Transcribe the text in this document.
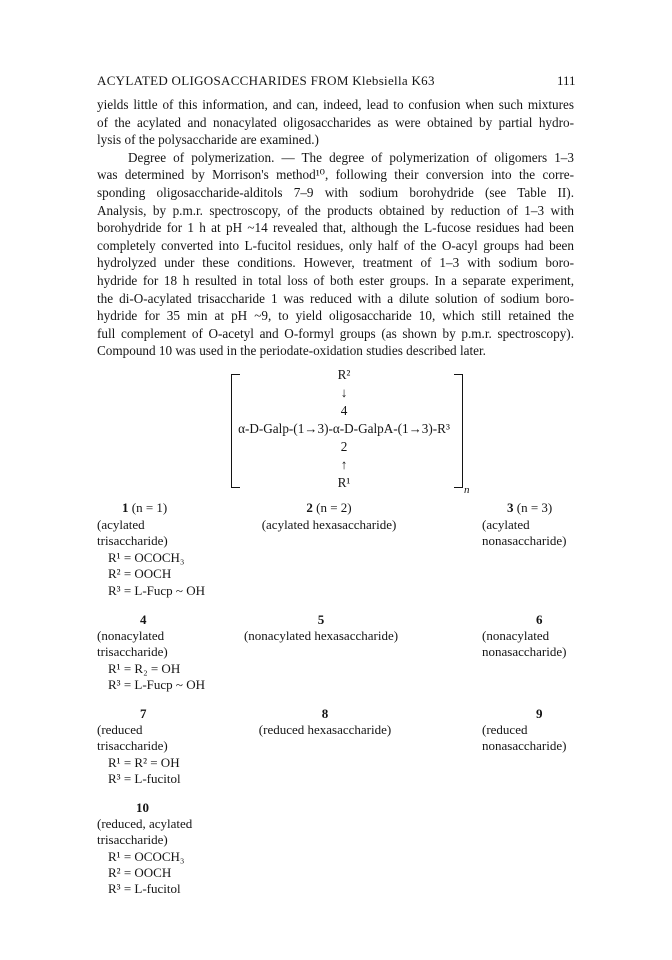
ACYLATED OLIGOSACCHARIDES FROM Klebsiella K63	111
yields little of this information, and can, indeed, lead to confusion when such mixtures
of the acylated and nonacylated oligosaccharides as were obtained by partial hydro-
lysis of the polysaccharide are examined.)
Degree of polymerization. — The degree of polymerization of oligomers 1–3
was determined by Morrison's method¹⁰, following their conversion into the corre-
sponding oligosaccharide-alditols 7–9 with sodium borohydride (see Table II).
Analysis, by p.m.r. spectroscopy, of the products obtained by reduction of 1–3 with
borohydride for 1 h at pH ~14 revealed that, although the L-fucose residues had been
completely converted into L-fucitol residues, only half of the O-acyl groups had been
hydrolyzed under these conditions. However, treatment of 1–3 with sodium boro-
hydride for 18 h resulted in total loss of both ester groups. In a separate experiment,
the di-O-acylated trisaccharide 1 was reduced with a dilute solution of sodium boro-
hydride for 35 min at pH ~9, to yield oligosaccharide 10, which still retained the
full complement of O-acetyl and O-formyl groups (as shown by p.m.r. spectroscopy).
Compound 10 was used in the periodate-oxidation studies described later.
R²
↓
4
α-D-Galp-(1→3)-α-D-GalpA-(1→3)-R³
2
↑
R¹	n
1 (n = 1)
(acylated
trisaccharide)
R¹ = OCOCH₃
R² = OOCH
R³ = L-Fucp ~ OH
2 (n = 2)
(acylated hexasaccharide)
3 (n = 3)
(acylated
nonasaccharide)
4
(nonacylated
trisaccharide)
R¹ = R₂ = OH
R³ = L-Fucp ~ OH
5
(nonacylated hexasaccharide)
6
(nonacylated
nonasaccharide)
7
(reduced
trisaccharide)
R¹ = R² = OH
R³ = L-fucitol
8
(reduced hexasaccharide)
9
(reduced
nonasaccharide)
10
(reduced, acylated
trisaccharide)
R¹ = OCOCH₃
R² = OOCH
R³ = L-fucitol
